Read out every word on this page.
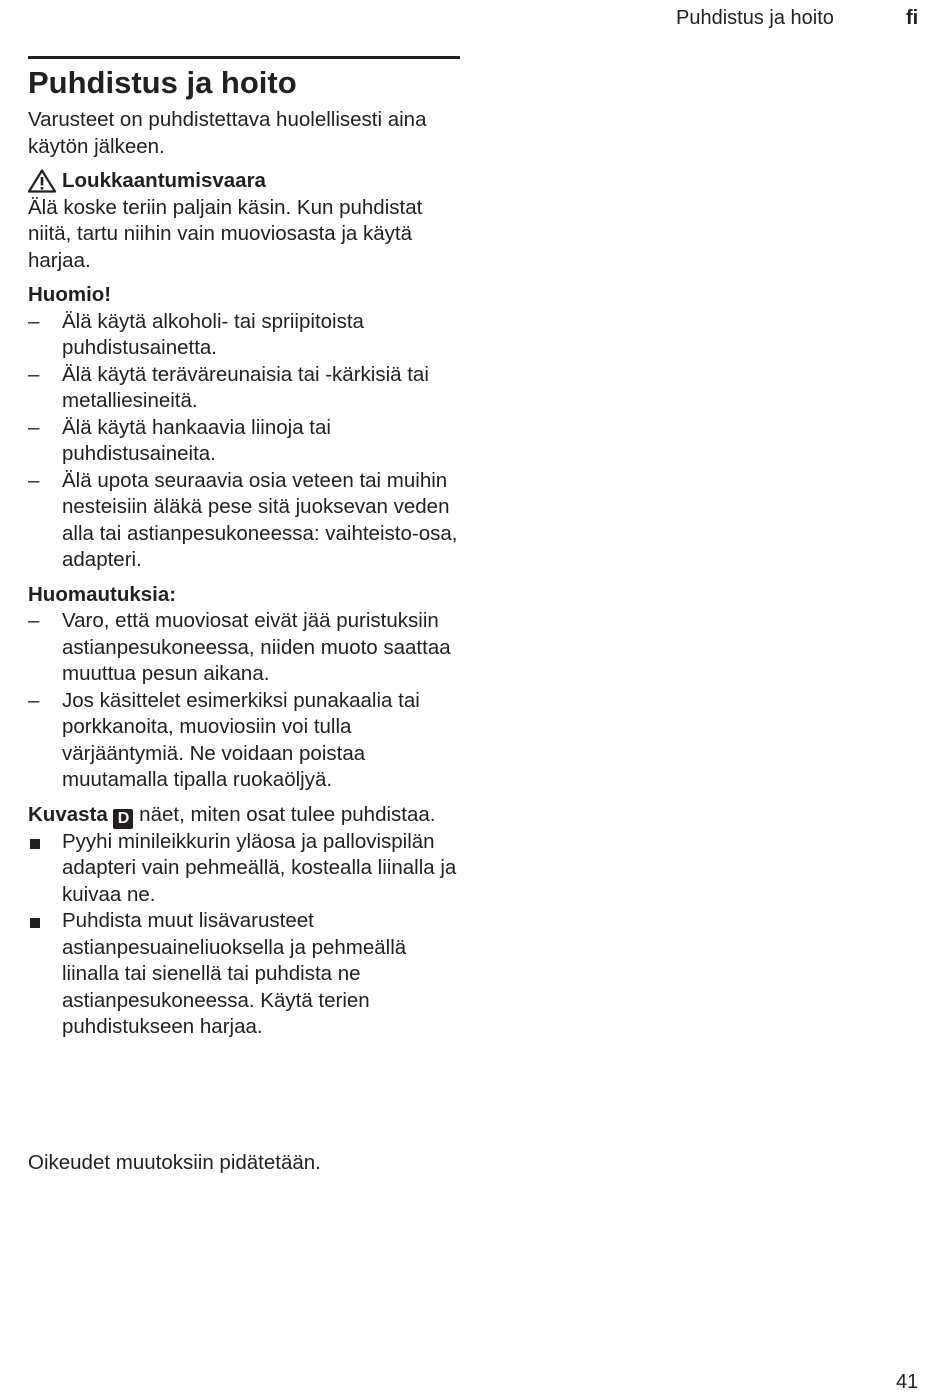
Puhdistus ja hoito	fi
Puhdistus ja hoito

Varusteet on puhdistettava huolellisesti aina käytön jälkeen.

Loukkaantumisvaara

Älä koske teriin paljain käsin. Kun puhdistat niitä, tartu niihin vain muoviosasta ja käytä harjaa.

Huomio!

–	Älä käytä alkoholi- tai spriipitoista puhdistusainetta.
–	Älä käytä teräväreunaisia tai -kärkisiä tai metalliesineitä.
–	Älä käytä hankaavia liinoja tai puhdistusaineita.
–	Älä upota seuraavia osia veteen tai muihin nesteisiin äläkä pese sitä juoksevan veden alla tai astianpesukoneessa: vaihteisto-osa, adapteri.

Huomautuksia:

–	Varo, että muoviosat eivät jää puristuksiin astianpesukoneessa, niiden muoto saattaa muuttua pesun aikana.
–	Jos käsittelet esimerkiksi punakaalia tai porkkanoita, muoviosiin voi tulla värjääntymiä. Ne voidaan poistaa muutamalla tipalla ruokaöljyä.

Kuvasta D näet, miten osat tulee puhdistaa.

Pyyhi minileikkurin yläosa ja pallovispilän adapteri vain pehmeällä, kostealla liinalla ja kuivaa ne.
Puhdista muut lisävarusteet astianpesuaineliuoksella ja pehmeällä liinalla tai sienellä tai puhdista ne astianpesukoneessa. Käytä terien puhdistukseen harjaa.
Oikeudet muutoksiin pidätetään.
41
